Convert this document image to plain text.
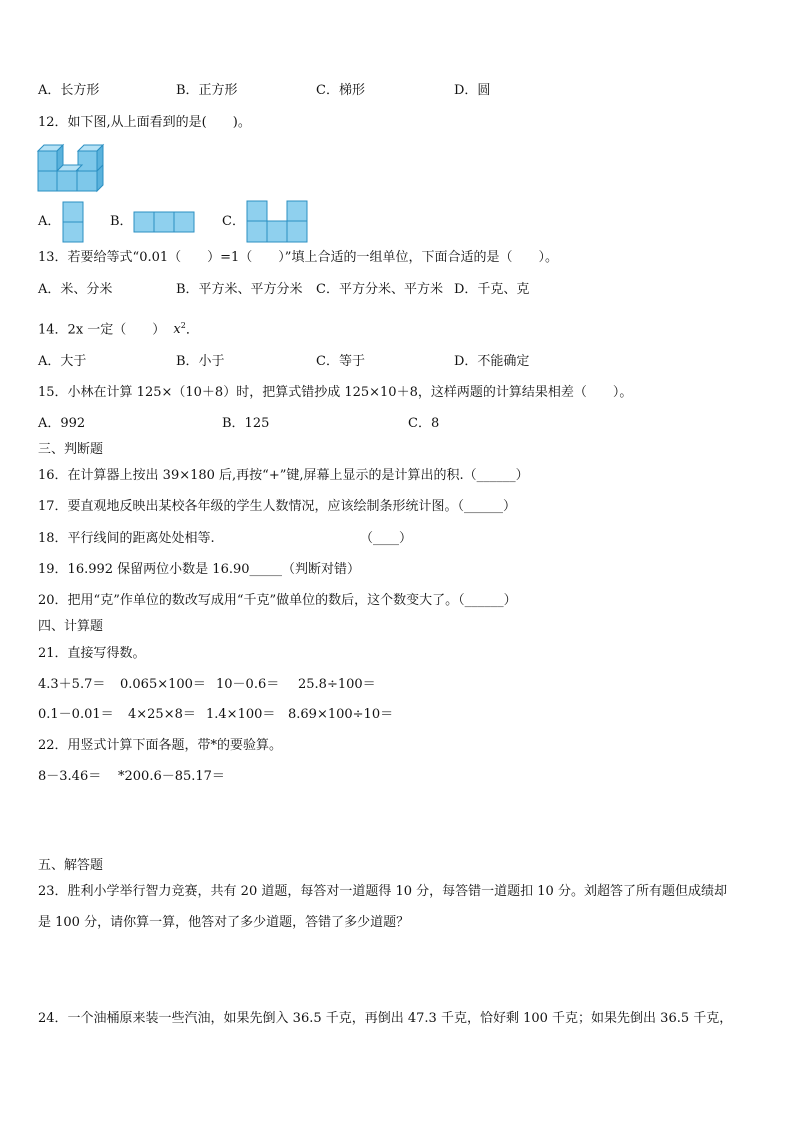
A．长方形	B．正方形	C．梯形	D．圆
12．如下图,从上面看到的是(　　)。
A．	B．	C．
13．若要给等式“0.01（　　）=1（　　）”填上合适的一组单位，下面合适的是（　　）。
A．米、分米	B．平方米、平方分米 C．平方分米、平方米 D．千克、克
14．2x 一定（　　） $x^2$．
A．大于	B．小于	C．等于	D．不能确定
15．小林在计算 125×（10＋8）时，把算式错抄成 125×10＋8，这样两题的计算结果相差（　　）。
A．992	B．125	C．8
三、判断题
16．在计算器上按出 39×180 后,再按“+”键,屏幕上显示的是计算出的积.（______）
17．要直观地反映出某校各年级的学生人数情况，应该绘制条形统计图。（______）
18．平行线间的距离处处相等.	（____）
19．16.992 保留两位小数是 16.90_____（判断对错）
20．把用“克”作单位的数改写成用“千克”做单位的数后，这个数变大了。（______）
四、计算题
21．直接写得数。
4.3＋5.7＝ 0.065×100＝ 10－0.6＝ 25.8÷100＝
0.1－0.01＝ 4×25×8＝ 1.4×100＝ 8.69×100÷10＝
22．用竖式计算下面各题，带*的要验算。
8－3.46＝ *200.6－85.17＝
五、解答题
23．胜利小学举行智力竞赛，共有 20 道题，每答对一道题得 10 分，每答错一道题扣 10 分。刘超答了所有题但成绩却
是 100 分，请你算一算，他答对了多少道题，答错了多少道题？
24．一个油桶原来装一些汽油，如果先倒入 36.5 千克，再倒出 47.3 千克，恰好剩 100 千克；如果先倒出 36.5 千克，
